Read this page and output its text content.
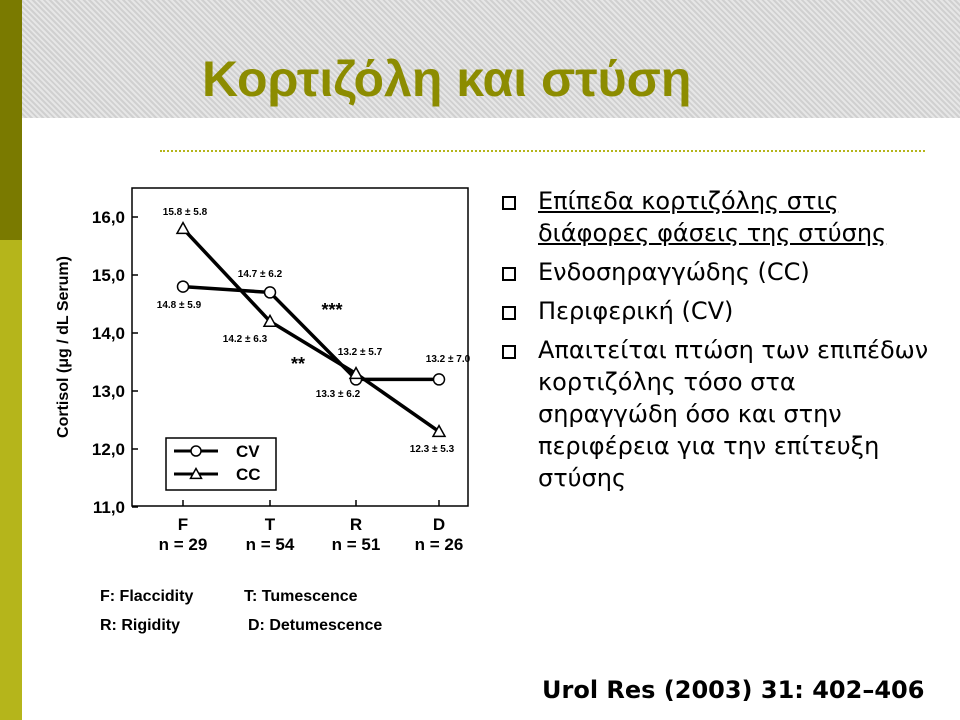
Κορτιζόλη και στύση
11,0
12,0
13,0
14,0
15,0
16,0
Cortisol (μg / dL Serum)
F
n = 29
T
n = 54
R
n = 51
D
n = 26
14.8 ± 5.9
14.7 ± 6.2
13.2 ± 5.7
13.2 ± 7.0
15.8 ± 5.8
14.2 ± 6.3
13.3 ± 6.2
12.3 ± 5.3
***
**
CV
CC
F: Flaccidity	T: Tumescence
R: Rigidity	D: Detumescence
Επίπεδα κορτιζόλης στις διάφορες φάσεις της στύσης
Ενδοσηραγγώδης (CC)
Περιφερική (CV)
Απαιτείται πτώση των επιπέδων κορτιζόλης τόσο στα σηραγγώδη όσο και στην περιφέρεια για την επίτευξη στύσης
Urol Res (2003) 31: 402–406
